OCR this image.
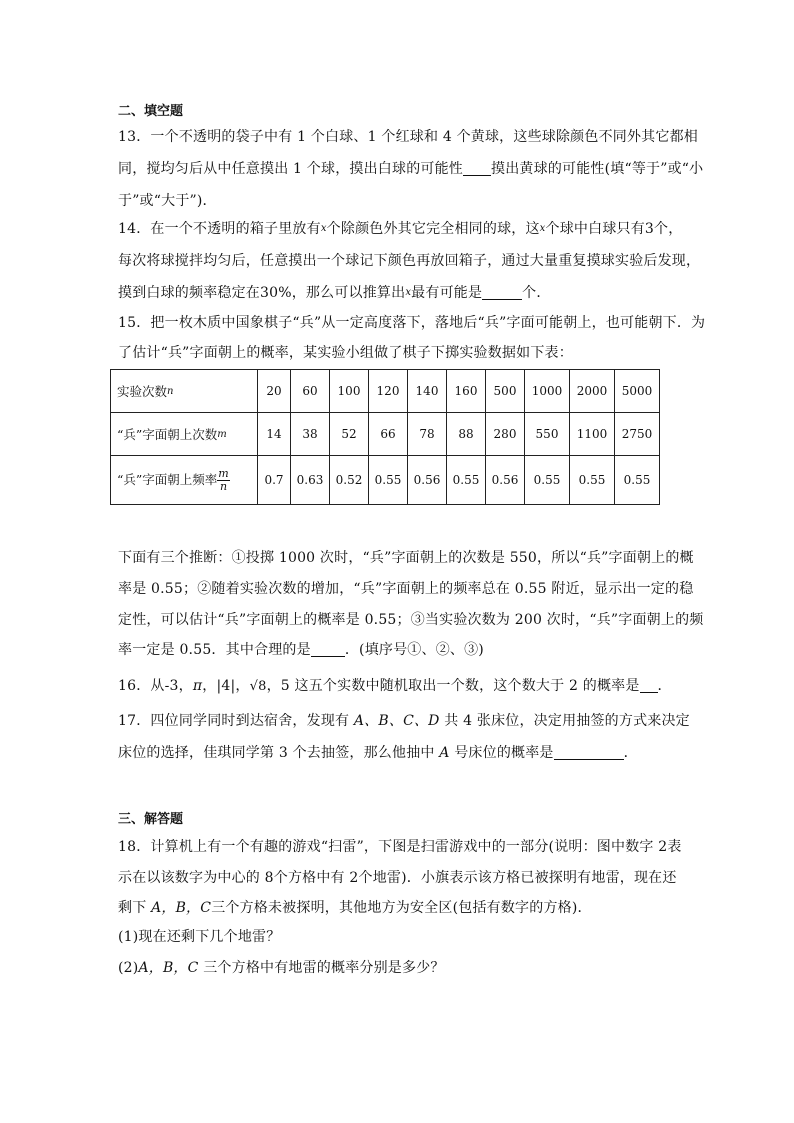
二、填空题
13．一个不透明的袋子中有 1 个白球、1 个红球和 4 个黄球，这些球除颜色不同外其它都相
同，搅均匀后从中任意摸出 1 个球，摸出白球的可能性 摸出黄球的可能性(填“等于”或“小
于”或“大于”)．
14．在一个不透明的箱子里放有x个除颜色外其它完全相同的球，这x个球中白球只有3个，
每次将球搅拌均匀后，任意摸出一个球记下颜色再放回箱子，通过大量重复摸球实验后发现，
摸到白球的频率稳定在30%，那么可以推算出x最有可能是	个．
15．把一枚木质中国象棋子“兵”从一定高度落下，落地后“兵”字面可能朝上，也可能朝下．为
了估计“兵”字面朝上的概率，某实验小组做了棋子下掷实验数据如下表：
实验次数n	20	60	100	120	140	160	500	1000	2000	5000
“兵”字面朝上次数m	14	38	52	66	78	88	280	550	1100	2750
“兵”字面朝上频率 $\frac{m}{n}$	0.7	0.63	0.52	0.55	0.56	0.55	0.56	0.55	0.55	0.55
下面有三个推断：①投掷 1000 次时，“兵”字面朝上的次数是 550，所以“兵”字面朝上的概
率是 0.55；②随着实验次数的增加，“兵”字面朝上的频率总在 0.55 附近，显示出一定的稳
定性，可以估计“兵”字面朝上的概率是 0.55；③当实验次数为 200 次时，“兵”字面朝上的频
率一定是 0.55．其中合理的是 ．(填序号①、②、③)
16．从-3，π，|4|，√8，5 这五个实数中随机取出一个数，这个数大于 2 的概率是 ．
17．四位同学同时到达宿舍，发现有 A、B、C、D 共 4 张床位，决定用抽签的方式来决定
床位的选择，佳琪同学第 3 个去抽签，那么他抽中 A 号床位的概率是	．
三、解答题
18．计算机上有一个有趣的游戏“扫雷”，下图是扫雷游戏中的一部分(说明：图中数字 2表
示在以该数字为中心的 8个方格中有 2个地雷)．小旗表示该方格已被探明有地雷，现在还
剩下 A，B，C三个方格未被探明，其他地方为安全区(包括有数字的方格)．
(1)现在还剩下几个地雷？
(2)A，B，C 三个方格中有地雷的概率分别是多少？
